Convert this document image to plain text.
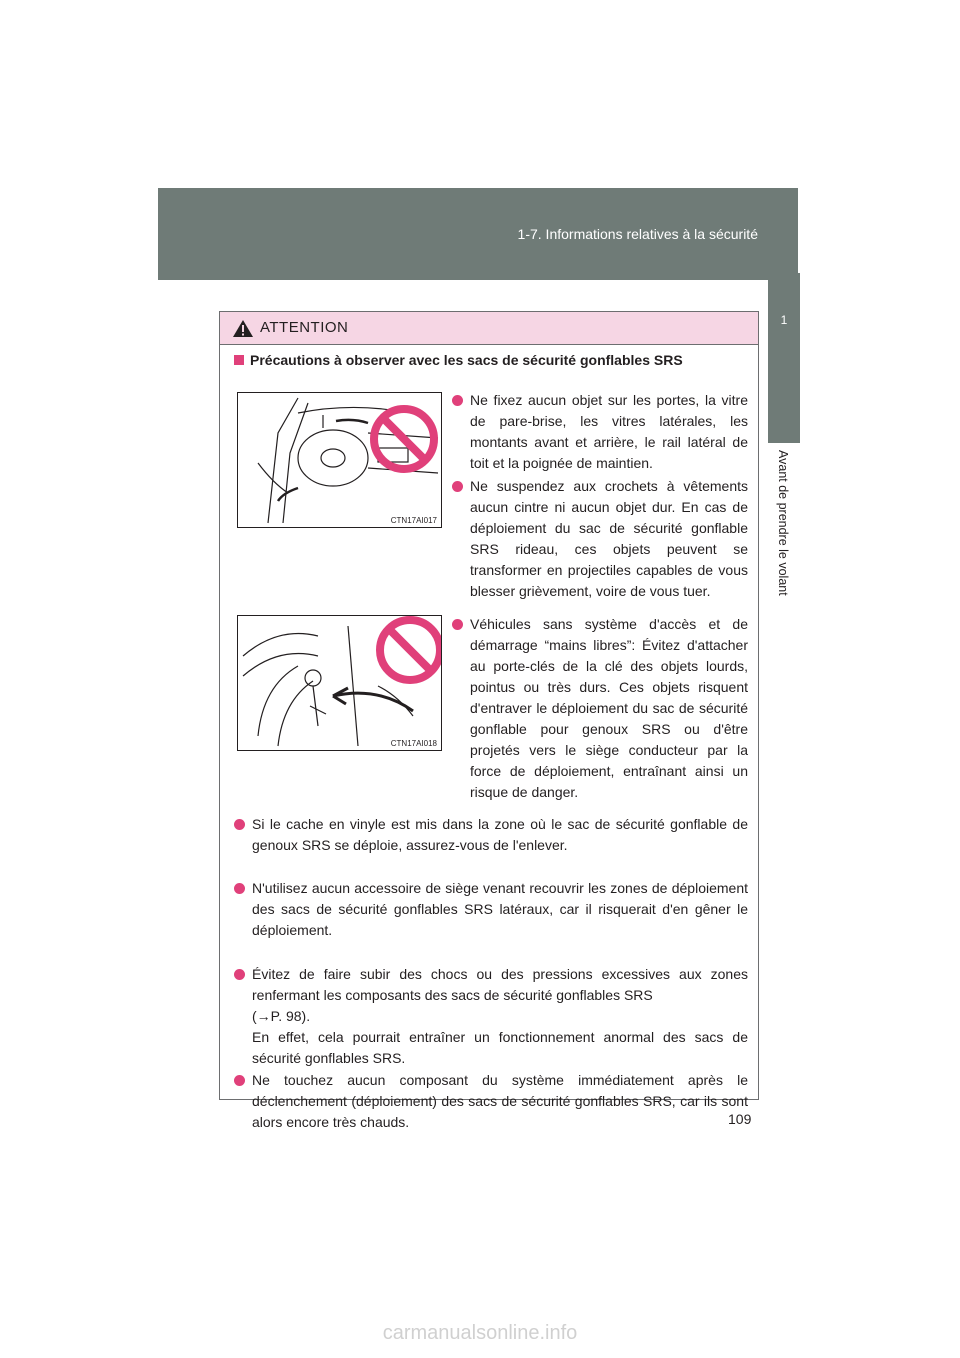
1-7. Informations relatives à la sécurité
1
Avant de prendre le volant
ATTENTION
Précautions à observer avec les sacs de sécurité gonflables SRS
CTN17AI017
CTN17AI018
Ne fixez aucun objet sur les portes, la vitre de pare-brise, les vitres latérales, les montants avant et arrière, le rail latéral de toit et la poignée de maintien.
Ne suspendez aux crochets à vêtements aucun cintre ni aucun objet dur. En cas de déploiement du sac de sécurité gonflable SRS rideau, ces objets peuvent se transformer en projectiles capables de vous blesser grièvement, voire de vous tuer.
Véhicules sans système d'accès et de démarrage “mains libres”: Évitez d'attacher au porte-clés de la clé des objets lourds, pointus ou très durs. Ces objets risquent d'entraver le déploiement du sac de sécurité gonflable pour genoux SRS ou d'être projetés vers le siège conducteur par la force de déploiement, entraînant ainsi un risque de danger.
Si le cache en vinyle est mis dans la zone où le sac de sécurité gonflable de genoux SRS se déploie, assurez-vous de l'enlever.
N'utilisez aucun accessoire de siège venant recouvrir les zones de déploiement des sacs de sécurité gonflables SRS latéraux, car il risquerait d'en gêner le déploiement.
Évitez de faire subir des chocs ou des pressions excessives aux zones renfermant les composants des sacs de sécurité gonflables SRS
(→P. 98).
En effet, cela pourrait entraîner un fonctionnement anormal des sacs de sécurité gonflables SRS.
Ne touchez aucun composant du système immédiatement après le déclenchement (déploiement) des sacs de sécurité gonflables SRS, car ils sont alors encore très chauds.	109
carmanualsonline.info
